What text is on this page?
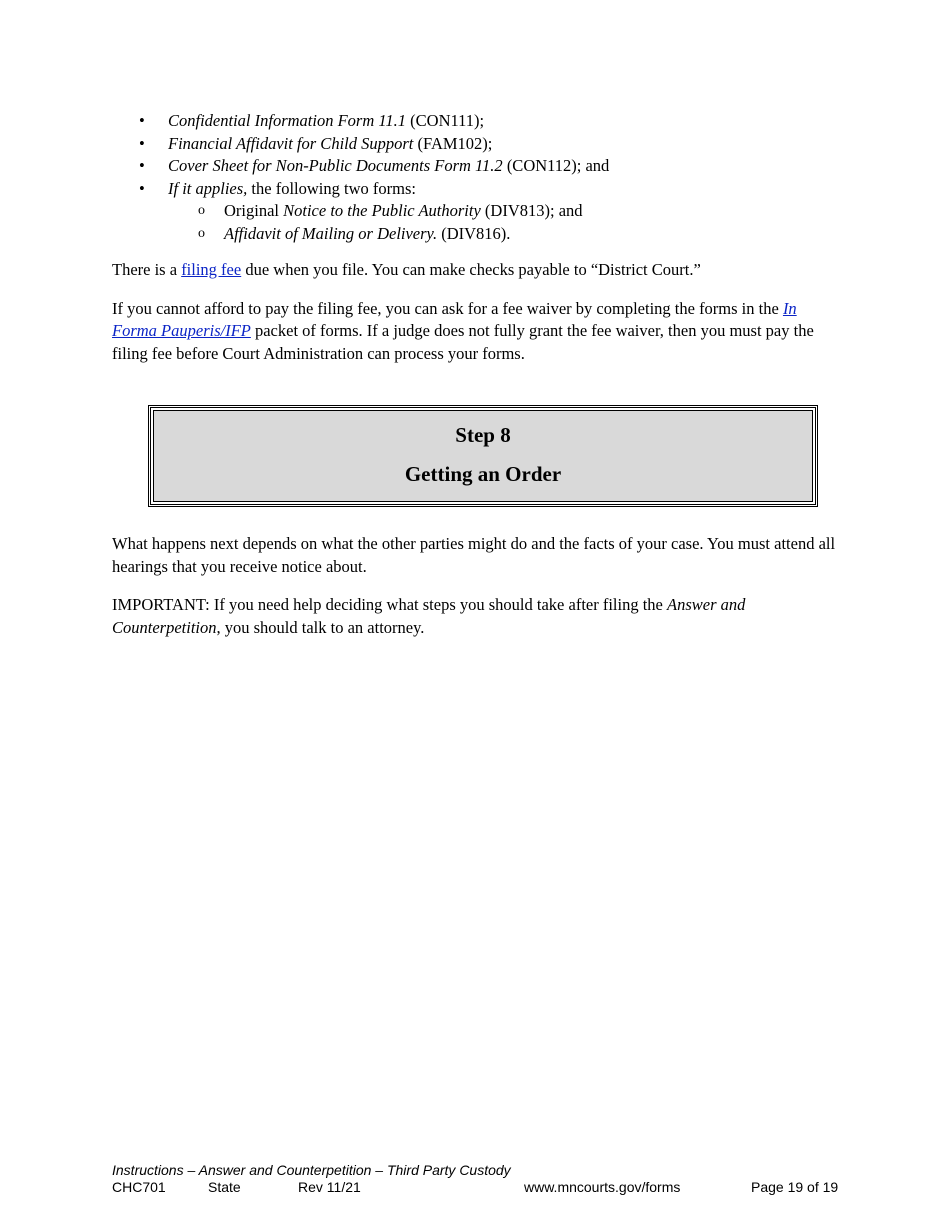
• Confidential Information Form 11.1 (CON111);
• Financial Affidavit for Child Support (FAM102);
• Cover Sheet for Non-Public Documents Form 11.2 (CON112); and
• If it applies, the following two forms:
o Original Notice to the Public Authority (DIV813); and
o Affidavit of Mailing or Delivery. (DIV816).

There is a filing fee due when you file. You can make checks payable to “District Court.”

If you cannot afford to pay the filing fee, you can ask for a fee waiver by completing the forms in the In
Forma Pauperis/IFP packet of forms. If a judge does not fully grant the fee waiver, then you must pay the filing fee before Court Administration can process your forms.

Step 8
Getting an Order

What happens next depends on what the other parties might do and the facts of your case. You must attend all hearings that you receive notice about.

IMPORTANT: If you need help deciding what steps you should take after filing the Answer and
Counterpetition, you should talk to an attorney.

Instructions – Answer and Counterpetition – Third Party Custody
CHC701	State	Rev 11/21	www.mncourts.gov/forms	Page 19 of 19
